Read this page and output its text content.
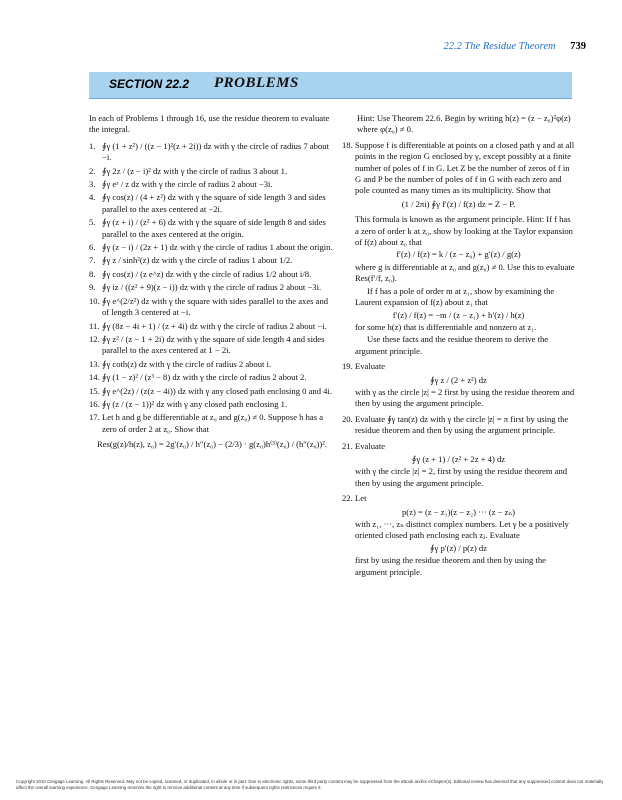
22.2 The Residue Theorem 739
SECTION 22.2 PROBLEMS

In each of Problems 1 through 16, use the residue theorem to evaluate the integral.

1. ∮γ (1 + z²) / ((z − 1)²(z + 2i)) dz with γ the circle of radius 7 about −i.
2. ∮γ 2z / (z − i)² dz with γ the circle of radius 3 about 1.
3. ∮γ eᶻ / z dz with γ the circle of radius 2 about −3i.
4. ∮γ cos(z) / (4 + z²) dz with γ the square of side length 3 and sides parallel to the axes centered at −2i.
5. ∮γ (z + i) / (z² + 6) dz with γ the square of side length 8 and sides parallel to the axes centered at the origin.
6. ∮γ (z − i) / (2z + 1) dz with γ the circle of radius 1 about the origin.
7. ∮γ z / sinh²(z) dz with γ the circle of radius 1 about 1/2.
8. ∮γ cos(z) / (z e^z) dz with γ the circle of radius 1/2 about i/8.
9. ∮γ iz / ((z² + 9)(z − i)) dz with γ the circle of radius 2 about −3i.
10. ∮γ e^(2/z²) dz with γ the square with sides parallel to the axes and of length 3 centered at −i.
11. ∮γ (8z − 4i + 1) / (z + 4i) dz with γ the circle of radius 2 about −i.
12. ∮γ z² / (z − 1 + 2i) dz with γ the square of side length 4 and sides parallel to the axes centered at 1 − 2i.
13. ∮γ coth(z) dz with γ the circle of radius 2 about i.
14. ∮γ (1 − z)² / (z³ − 8) dz with γ the circle of radius 2 about 2.
15. ∮γ e^(2z) / (z(z − 4i)) dz with γ any closed path enclosing 0 and 4i.
16. ∮γ (z / (z − 1))² dz with γ any closed path enclosing 1.
17. Let h and g be differentiable at z₀ and g(z₀) ≠ 0. Suppose h has a zero of order 2 at z₀. Show that

Res(g(z)/h(z), z₀) = 2g′(z₀) / h″(z₀) − (2/3) · g(z₀)h⁽³⁾(z₀) / (h″(z₀))².

Hint: Use Theorem 22.6. Begin by writing h(z) = (z − z₀)²φ(z) where φ(z₀) ≠ 0.

18. Suppose f is differentiable at points on a closed path γ and at all points in the region G enclosed by γ, except possibly at a finite number of poles of f in G. Let Z be the number of zeros of f in G and P be the number of poles of f in G with each zero and pole counted as many times as its multiplicity. Show that

(1 / 2πi) ∮γ f′(z) / f(z) dz = Z − P.

This formula is known as the argument principle. Hint: If f has a zero of order k at z₀, show by looking at the Taylor expansion of f(z) about z₀ that

f′(z) / f(z) = k / (z − z₀) + g′(z) / g(z)

where g is differentiable at z₀ and g(z₀) ≠ 0. Use this to evaluate Res(f′/f, z₀).

If f has a pole of order m at z₁, show by examining the Laurent expansion of f(z) about z₁ that

f′(z) / f(z) = −m / (z − z₁) + h′(z) / h(z)

for some h(z) that is differentiable and nonzero at z₁.

Use these facts and the residue theorem to derive the argument principle.

19. Evaluate

∮γ z / (2 + z²) dz

with γ as the circle |z| = 2 first by using the residue theorem and then by using the argument principle.

20. Evaluate ∮γ tan(z) dz with γ the circle |z| = π first by using the residue theorem and then by using the argument principle.
21. Evaluate

∮γ (z + 1) / (z² + 2z + 4) dz

with γ the circle |z| = 2, first by using the residue theorem and then by using the argument principle.

22. Let

p(z) = (z − z₁)(z − z₂) ··· (z − zₙ)

with z₁, ···, zₙ distinct complex numbers. Let γ be a positively oriented closed path enclosing each zⱼ. Evaluate

∮γ p′(z) / p(z) dz

first by using the residue theorem and then by using the argument principle.

Copyright 2010 Cengage Learning. All Rights Reserved. May not be copied, scanned, or duplicated, in whole or in part. Due to electronic rights, some third party content may be suppressed from the eBook and/or eChapter(s). Editorial review has deemed that any suppressed content does not materially affect the overall learning experience. Cengage Learning reserves the right to remove additional content at any time if subsequent rights restrictions require it.
